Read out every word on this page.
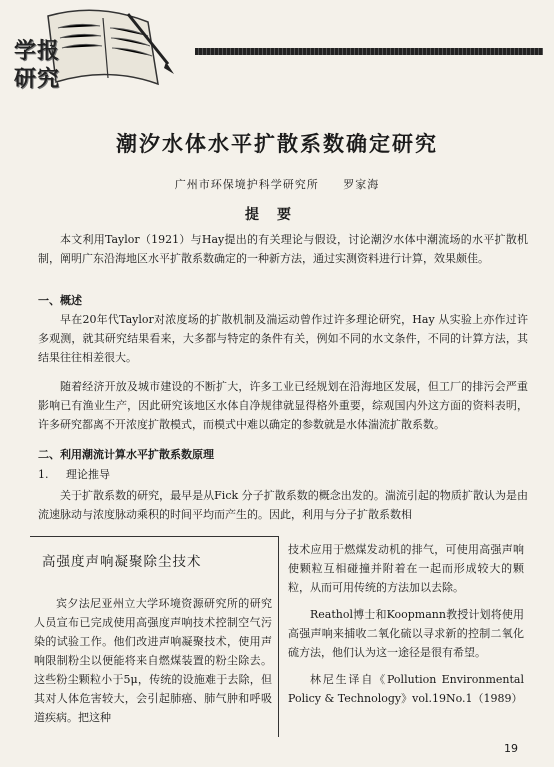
学报
研究
潮汐水体水平扩散系数确定研究
广州市环保境护科学研究所 罗家海
提要

本文利用Taylor（1921）与Hay提出的有关理论与假设，讨论潮汐水体中潮流场的水平扩散机制，阐明广东沿海地区水平扩散系数确定的一种新方法，通过实测资料进行计算，效果颇佳。

一、概述

早在20年代Taylor对浓度场的扩散机制及湍运动曾作过许多理论研究，Hay 从实验上亦作过许多观测，就其研究结果看来，大多都与特定的条件有关，例如不同的水文条件，不同的计算方法，其结果往往相差很大。

随着经济开放及城市建设的不断扩大，许多工业已经规划在沿海地区发展，但工厂的排污会严重影响已有渔业生产，因此研究该地区水体自净规律就显得格外重要，综观国内外这方面的资料表明，许多研究都离不开浓度扩散模式，而模式中难以确定的参数就是水体湍流扩散系数。

二、利用潮流计算水平扩散系数原理
1. 理论推导

关于扩散系数的研究，最早是从Fick 分子扩散系数的概念出发的。湍流引起的物质扩散认为是由流速脉动与浓度脉动乘积的时间平均而产生的。因此，利用与分子扩散系数相

高强度声响凝聚除尘技术

宾夕法尼亚州立大学环境资源研究所的研究人员宣布已完成使用高强度声响技术控制空气污染的试验工作。他们改进声响凝聚技术，使用声响限制粉尘以便能将来自燃煤装置的粉尘除去。这些粉尘颗粒小于5μ，传统的设施难于去除，但其对人体危害较大，会引起肺癌、肺气肿和呼吸道疾病。把这种

技术应用于燃煤发动机的排气，可使用高强声响使颗粒互相碰撞并附着在一起而形成较大的颗粒，从而可用传统的方法加以去除。

Reathol博士和Koopmann教授计划将使用高强声响来捕收二氧化硫以寻求新的控制二氧化硫方法，他们认为这一途径是很有希望。

林尼生译自《Pollution Environmental Policy & Technology》vol.19No.1（1989）

19
